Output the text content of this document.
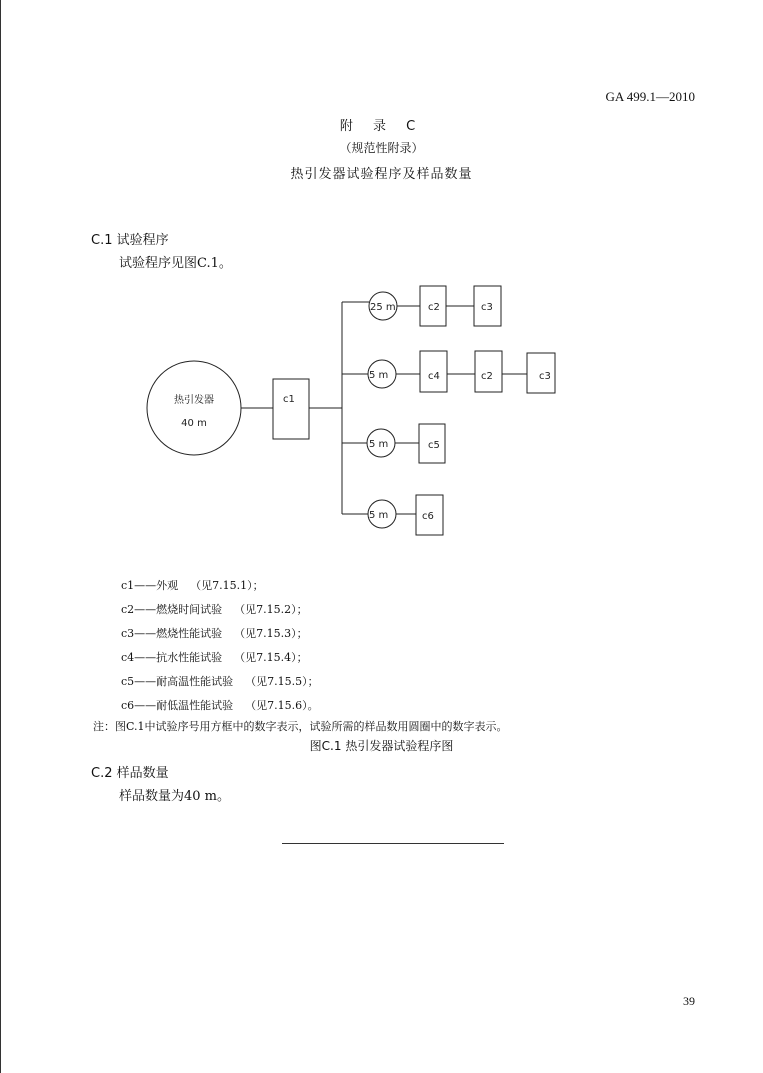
GA 499.1—2010
附 录 C
（规范性附录）
热引发器试验程序及样品数量
C.1 试验程序
试验程序见图C.1。
热引发器
40 m
c1
25 m	c2	c3
5 m	c4	c2	c3
5 m	c5
5 m	c6
c1——外观 （见7.15.1）；
c2——燃烧时间试验 （见7.15.2）；
c3——燃烧性能试验 （见7.15.3）；
c4——抗水性能试验 （见7.15.4）；
c5——耐高温性能试验 （见7.15.5）；
c6——耐低温性能试验 （见7.15.6）。
注：图C.1中试验序号用方框中的数字表示，试验所需的样品数用圆圈中的数字表示。
图C.1 热引发器试验程序图
C.2 样品数量
样品数量为40 m。
39
